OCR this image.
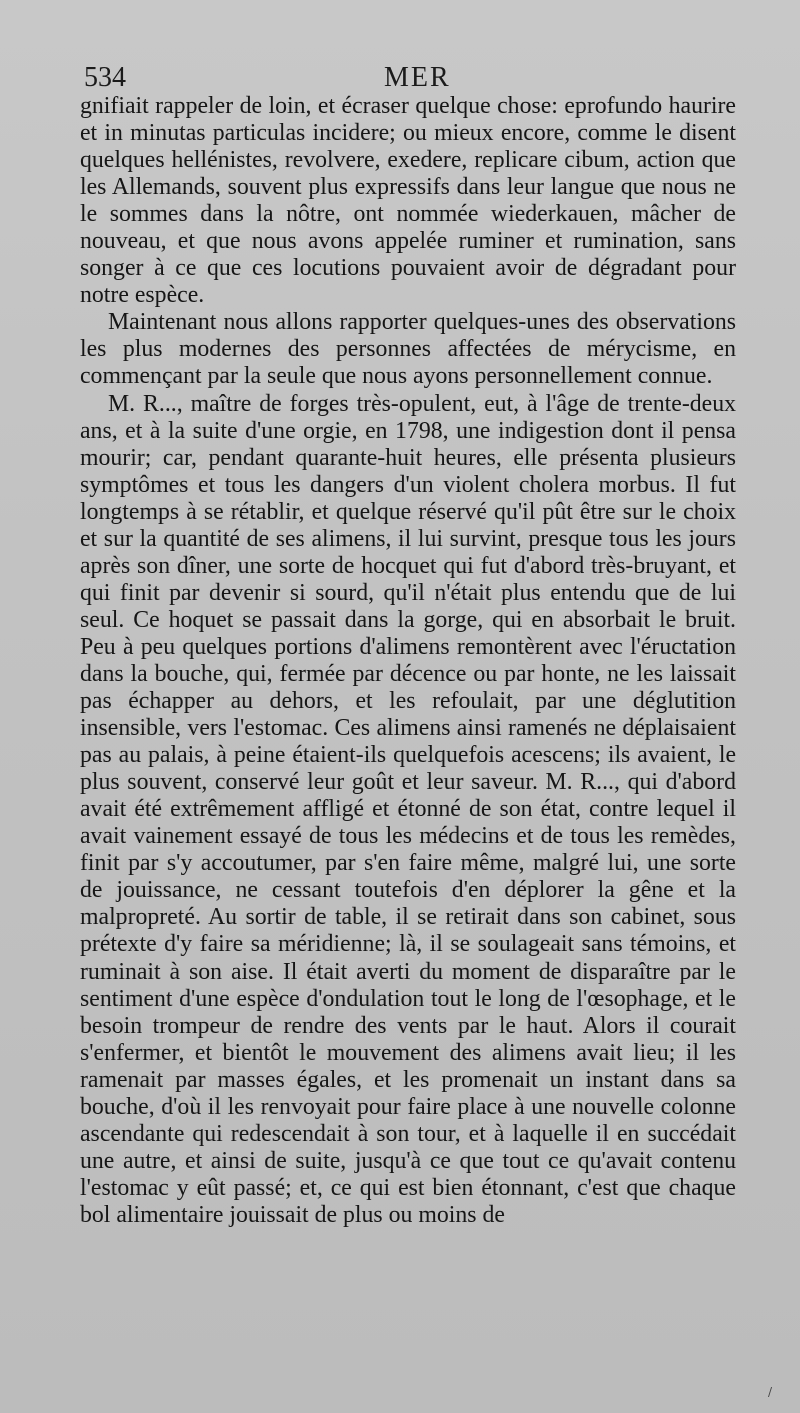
534	MER

gnifiait rappeler de loin, et écraser quelque chose: eprofundo haurire et in minutas particulas incidere; ou mieux encore, comme le disent quelques hellénistes, revolvere, exedere, replicare cibum, action que les Allemands, souvent plus expressifs dans leur langue que nous ne le sommes dans la nôtre, ont nommée wiederkauen, mâcher de nouveau, et que nous avons appelée ruminer et rumination, sans songer à ce que ces locutions pouvaient avoir de dégradant pour notre espèce.

Maintenant nous allons rapporter quelques-unes des observations les plus modernes des personnes affectées de mérycisme, en commençant par la seule que nous ayons personnellement connue.

M. R..., maître de forges très-opulent, eut, à l'âge de trente-deux ans, et à la suite d'une orgie, en 1798, une indigestion dont il pensa mourir; car, pendant quarante-huit heures, elle présenta plusieurs symptômes et tous les dangers d'un violent cholera morbus. Il fut longtemps à se rétablir, et quelque réservé qu'il pût être sur le choix et sur la quantité de ses alimens, il lui survint, presque tous les jours après son dîner, une sorte de hocquet qui fut d'abord très-bruyant, et qui finit par devenir si sourd, qu'il n'était plus entendu que de lui seul. Ce hoquet se passait dans la gorge, qui en absorbait le bruit. Peu à peu quelques portions d'alimens remontèrent avec l'éructation dans la bouche, qui, fermée par décence ou par honte, ne les laissait pas échapper au dehors, et les refoulait, par une déglutition insensible, vers l'estomac. Ces alimens ainsi ramenés ne déplaisaient pas au palais, à peine étaient-ils quelquefois acescens; ils avaient, le plus souvent, conservé leur goût et leur saveur. M. R..., qui d'abord avait été extrêmement affligé et étonné de son état, contre lequel il avait vainement essayé de tous les médecins et de tous les remèdes, finit par s'y accoutumer, par s'en faire même, malgré lui, une sorte de jouissance, ne cessant toutefois d'en déplorer la gêne et la malpropreté. Au sortir de table, il se retirait dans son cabinet, sous prétexte d'y faire sa méridienne; là, il se soulageait sans témoins, et ruminait à son aise. Il était averti du moment de disparaître par le sentiment d'une espèce d'ondulation tout le long de l'œsophage, et le besoin trompeur de rendre des vents par le haut. Alors il courait s'enfermer, et bientôt le mouvement des alimens avait lieu; il les ramenait par masses égales, et les promenait un instant dans sa bouche, d'où il les renvoyait pour faire place à une nouvelle colonne ascendante qui redescendait à son tour, et à laquelle il en succédait une autre, et ainsi de suite, jusqu'à ce que tout ce qu'avait contenu l'estomac y eût passé; et, ce qui est bien étonnant, c'est que chaque bol alimentaire jouissait de plus ou moins de

/
